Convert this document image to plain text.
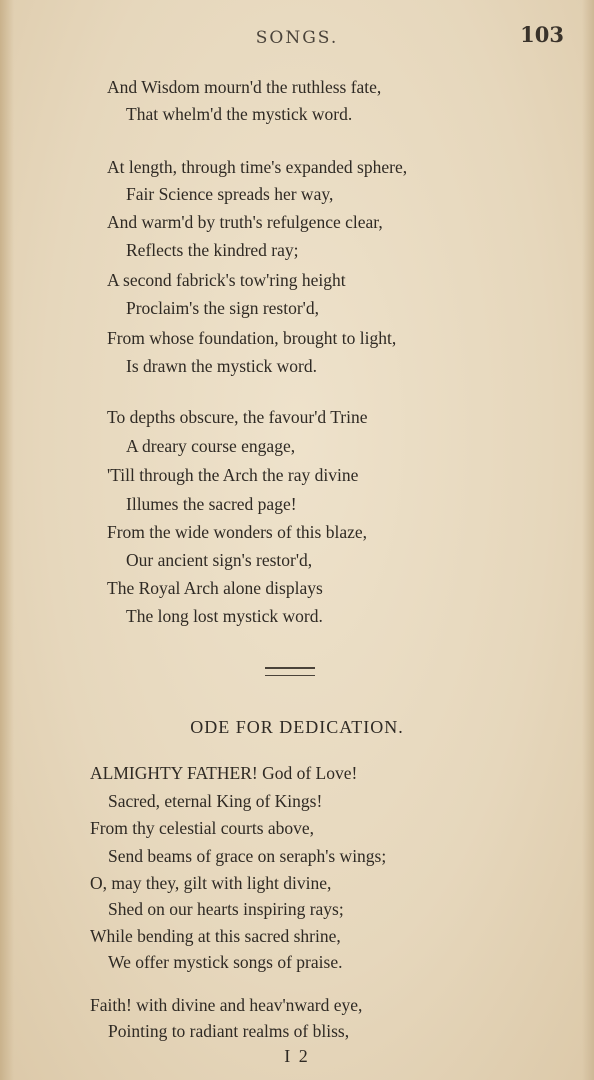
SONGS.	103
And Wisdom mourn'd the ruthless fate,
That whelm'd the mystick word.
At length, through time's expanded sphere,
Fair Science spreads her way,
And warm'd by truth's refulgence clear,
Reflects the kindred ray;
A second fabrick's tow'ring height
Proclaim's the sign restor'd,
From whose foundation, brought to light,
Is drawn the mystick word.
To depths obscure, the favour'd Trine
A dreary course engage,
'Till through the Arch the ray divine
Illumes the sacred page!
From the wide wonders of this blaze,
Our ancient sign's restor'd,
The Royal Arch alone displays
The long lost mystick word.
ODE FOR DEDICATION.
ALMIGHTY FATHER! God of Love!
Sacred, eternal King of Kings!
From thy celestial courts above,
Send beams of grace on seraph's wings;
O, may they, gilt with light divine,
Shed on our hearts inspiring rays;
While bending at this sacred shrine,
We offer mystick songs of praise.
Faith! with divine and heav'nward eye,
Pointing to radiant realms of bliss,
I 2
